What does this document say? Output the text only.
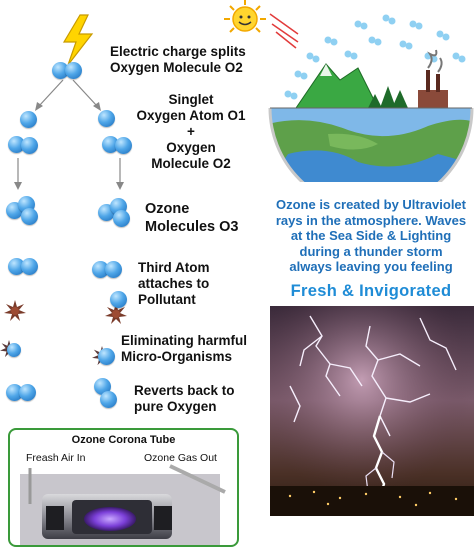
Electric charge splits
Oxygen Molecule O2
Singlet
Oxygen Atom O1
+
Oxygen
Molecule O2
Ozone
Molecules O3
Third Atom
attaches to
Pollutant
Eliminating harmful
Micro-Organisms
Reverts back to
pure Oxygen
Ozone Corona Tube
Freash Air In	Ozone Gas Out
Ozone is created by Ultraviolet
rays in the atmosphere. Waves
at the Sea Side & Lighting
during a thunder storm
always leaving you feeling
Fresh & Invigorated
